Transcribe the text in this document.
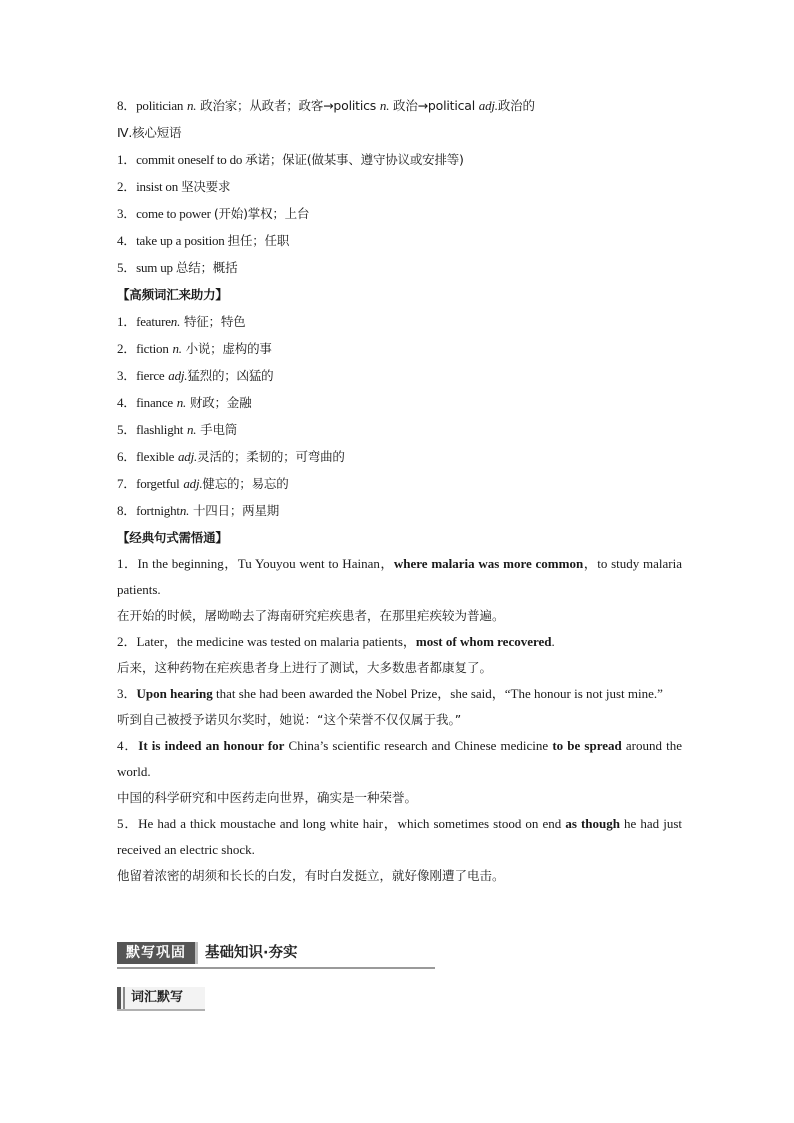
8．politician n. 政治家；从政者；政客→politics n. 政治→political adj.政治的
Ⅳ.核心短语
1．commit oneself to do 承诺；保证(做某事、遵守协议或安排等)
2．insist on 坚决要求
3．come to power (开始)掌权；上台
4．take up a position 担任；任职
5．sum up 总结；概括
【高频词汇来助力】
1．featuren. 特征；特色
2．fiction n. 小说；虚构的事
3．fierce adj.猛烈的；凶猛的
4．finance n. 财政；金融
5．flashlight n. 手电筒
6．flexible adj.灵活的；柔韧的；可弯曲的
7．forgetful adj.健忘的；易忘的
8．fortnightn. 十四日；两星期
【经典句式需悟通】
1．In the beginning，Tu Youyou went to Hainan，where malaria was more common，to study malaria patients.
在开始的时候，屠呦呦去了海南研究疟疾患者，在那里疟疾较为普遍。
2．Later，the medicine was tested on malaria patients，most of whom recovered.
后来，这种药物在疟疾患者身上进行了测试，大多数患者都康复了。
3．Upon hearing that she had been awarded the Nobel Prize，she said，“The honour is not just mine.”
听到自己被授予诺贝尔奖时，她说：“这个荣誉不仅仅属于我。”
4．It is indeed an honour for China’s scientific research and Chinese medicine to be spread around the world.
中国的科学研究和中医药走向世界，确实是一种荣誉。
5．He had a thick moustache and long white hair，which sometimes stood on end as though he had just received an electric shock.
他留着浓密的胡须和长长的白发，有时白发挺立，就好像刚遭了电击。
默写巩固	基础知识·夯实
词汇默写
